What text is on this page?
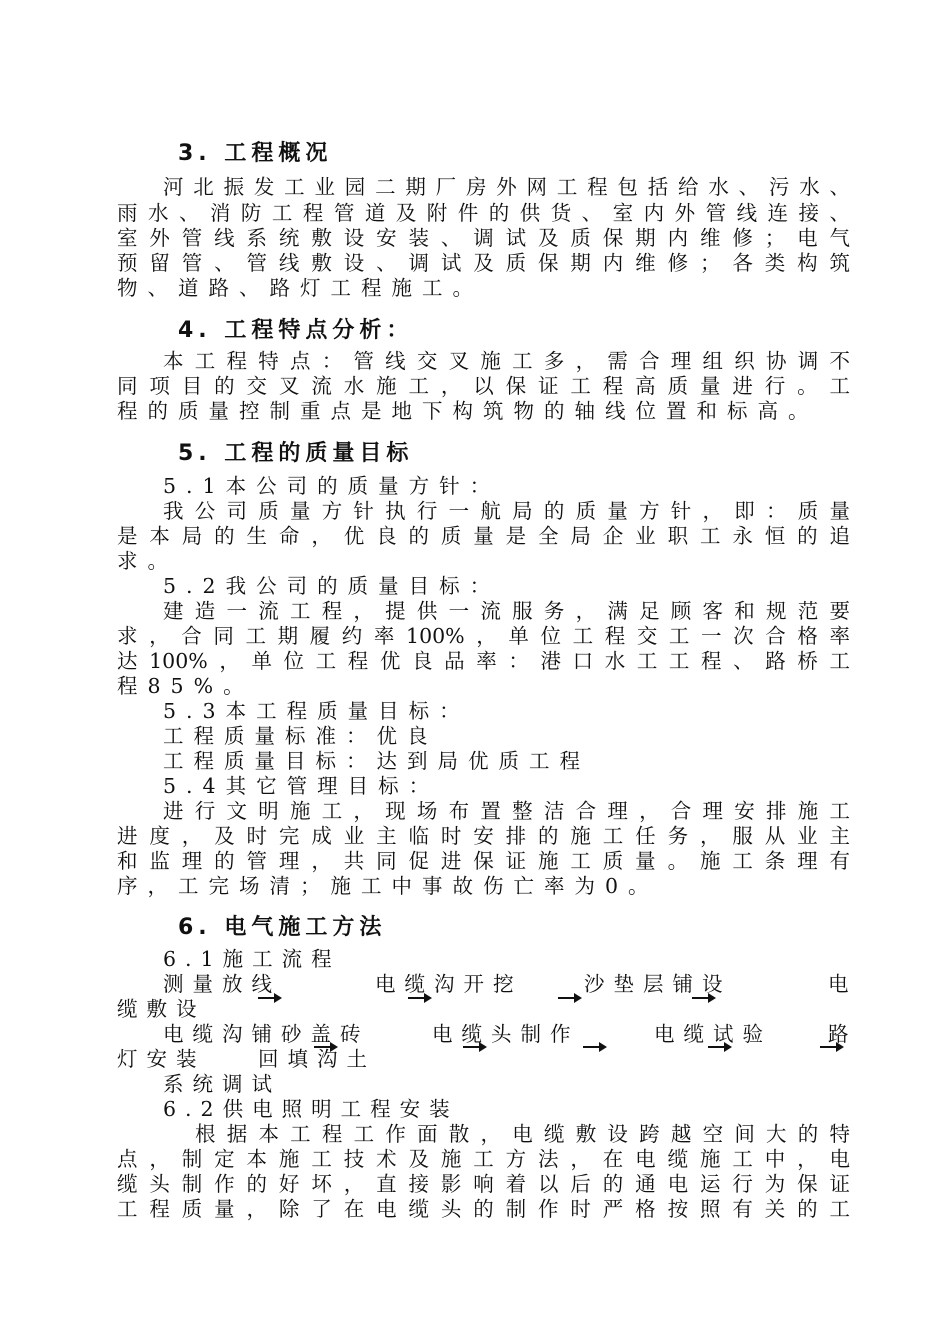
3. 工程概况
河北振发工业园二期厂房外网工程包括给水、污水、
雨水、消防工程管道及附件的供货、室内外管线连接、
室外管线系统敷设安装、调试及质保期内维修；电气
预留管、管线敷设、调试及质保期内维修；各类构筑
物、道路、路灯工程施工。
4. 工程特点分析：
本工程特点：管线交叉施工多，需合理组织协调不
同项目的交叉流水施工，以保证工程高质量进行。工
程的质量控制重点是地下构筑物的轴线位置和标高。
5. 工程的质量目标
5.1本公司的质量方针：
我公司质量方针执行一航局的质量方针，即：质量
是本局的生命，优良的质量是全局企业职工永恒的追
求。
5.2我公司的质量目标：
建造一流工程，提供一流服务，满足顾客和规范要
求，合同工期履约率100%，单位工程交工一次合格率
达100%，单位工程优良品率：港口水工工程、路桥工
程85%。
5.3本工程质量目标：
工程质量标准：优良
工程质量目标：达到局优质工程
5.4其它管理目标：
进行文明施工，现场布置整洁合理，合理安排施工
进度，及时完成业主临时安排的施工任务，服从业主
和监理的管理，共同促进保证施工质量。施工条理有
序，工完场清；施工中事故伤亡率为0。
6. 电气施工方法
6.1施工流程
测量放线	电缆沟开挖	沙垫层铺设	电
缆敷设
电缆沟铺砂盖砖	电缆头制作	电缆试验	路
灯安装	回填沟土
系统调试
6.2供电照明工程安装
根据本工程工作面散，电缆敷设跨越空间大的特
点，制定本施工技术及施工方法，在电缆施工中，电
缆头制作的好坏，直接影响着以后的通电运行为保证
工程质量，除了在电缆头的制作时严格按照有关的工
